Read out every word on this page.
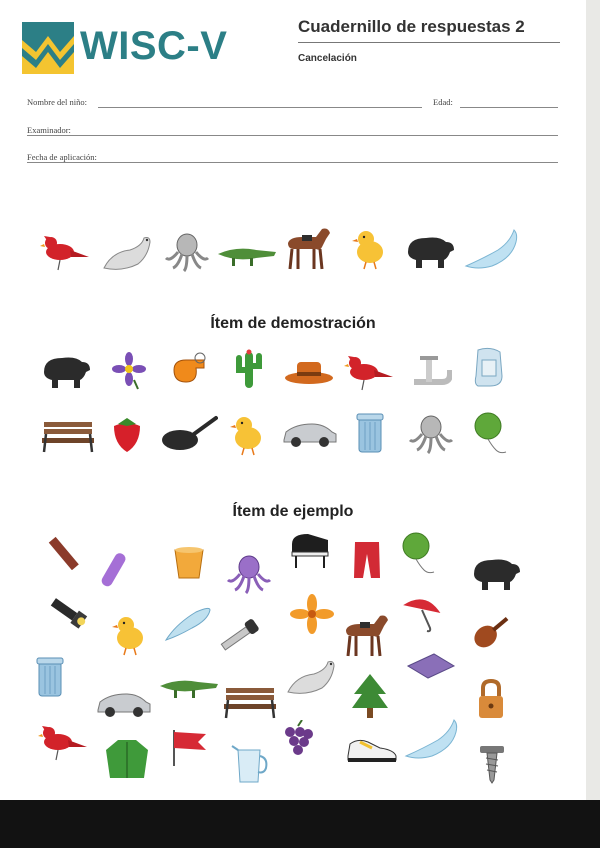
WISC-V	Cuadernillo de respuestas 2
Cancelación
Nombre del niño:	Edad:
Examinador:
Fecha de aplicación:
Ítem de demostración
Ítem de ejemplo
